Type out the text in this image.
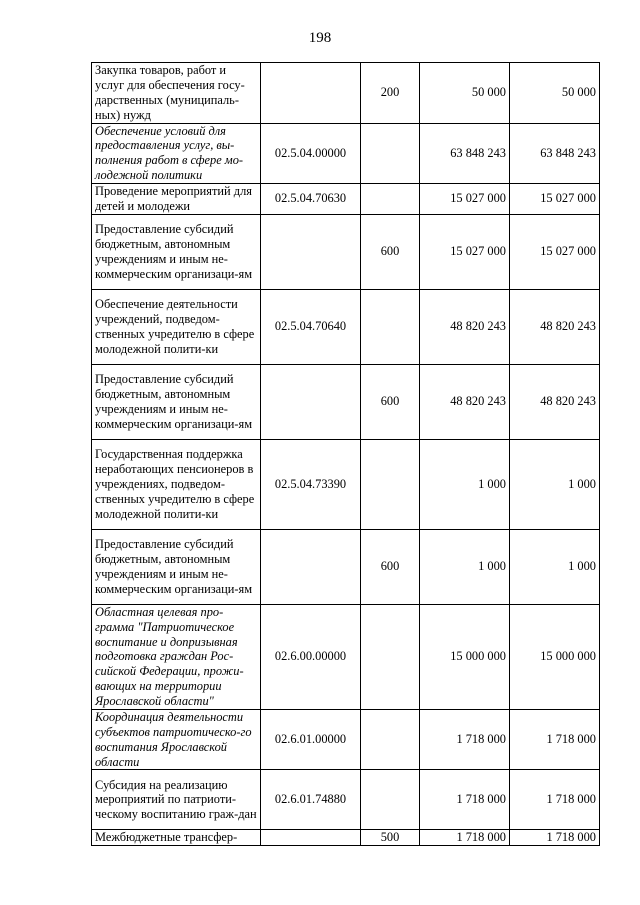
198
Закупка товаров, работ и услуг для обеспечения госу-дарственных (муниципаль-ных) нужд		200	50 000	50 000
Обеспечение условий для предоставления услуг, вы-полнения работ в сфере мо-лодежной политики	02.5.04.00000		63 848 243	63 848 243
Проведение мероприятий для детей и молодежи	02.5.04.70630		15 027 000	15 027 000
Предоставление субсидий бюджетным, автономным учреждениям и иным не-коммерческим организаци-ям		600	15 027 000	15 027 000
Обеспечение деятельности учреждений, подведом-ственных учредителю в сфере молодежной полити-ки	02.5.04.70640		48 820 243	48 820 243
Предоставление субсидий бюджетным, автономным учреждениям и иным не-коммерческим организаци-ям		600	48 820 243	48 820 243
Государственная поддержка неработающих пенсионеров в учреждениях, подведом-ственных учредителю в сфере молодежной полити-ки	02.5.04.73390		1 000	1 000
Предоставление субсидий бюджетным, автономным учреждениям и иным не-коммерческим организаци-ям		600	1 000	1 000
Областная целевая про-грамма "Патриотическое воспитание и допризывная подготовка граждан Рос-сийской Федерации, прожи-вающих на территории Ярославской области"	02.6.00.00000		15 000 000	15 000 000
Координация деятельности субъектов патриотическо-го воспитания Ярославской области	02.6.01.00000		1 718 000	1 718 000
Субсидия на реализацию мероприятий по патриоти-ческому воспитанию граж-дан	02.6.01.74880		1 718 000	1 718 000
Межбюджетные трансфер-		500	1 718 000	1 718 000
